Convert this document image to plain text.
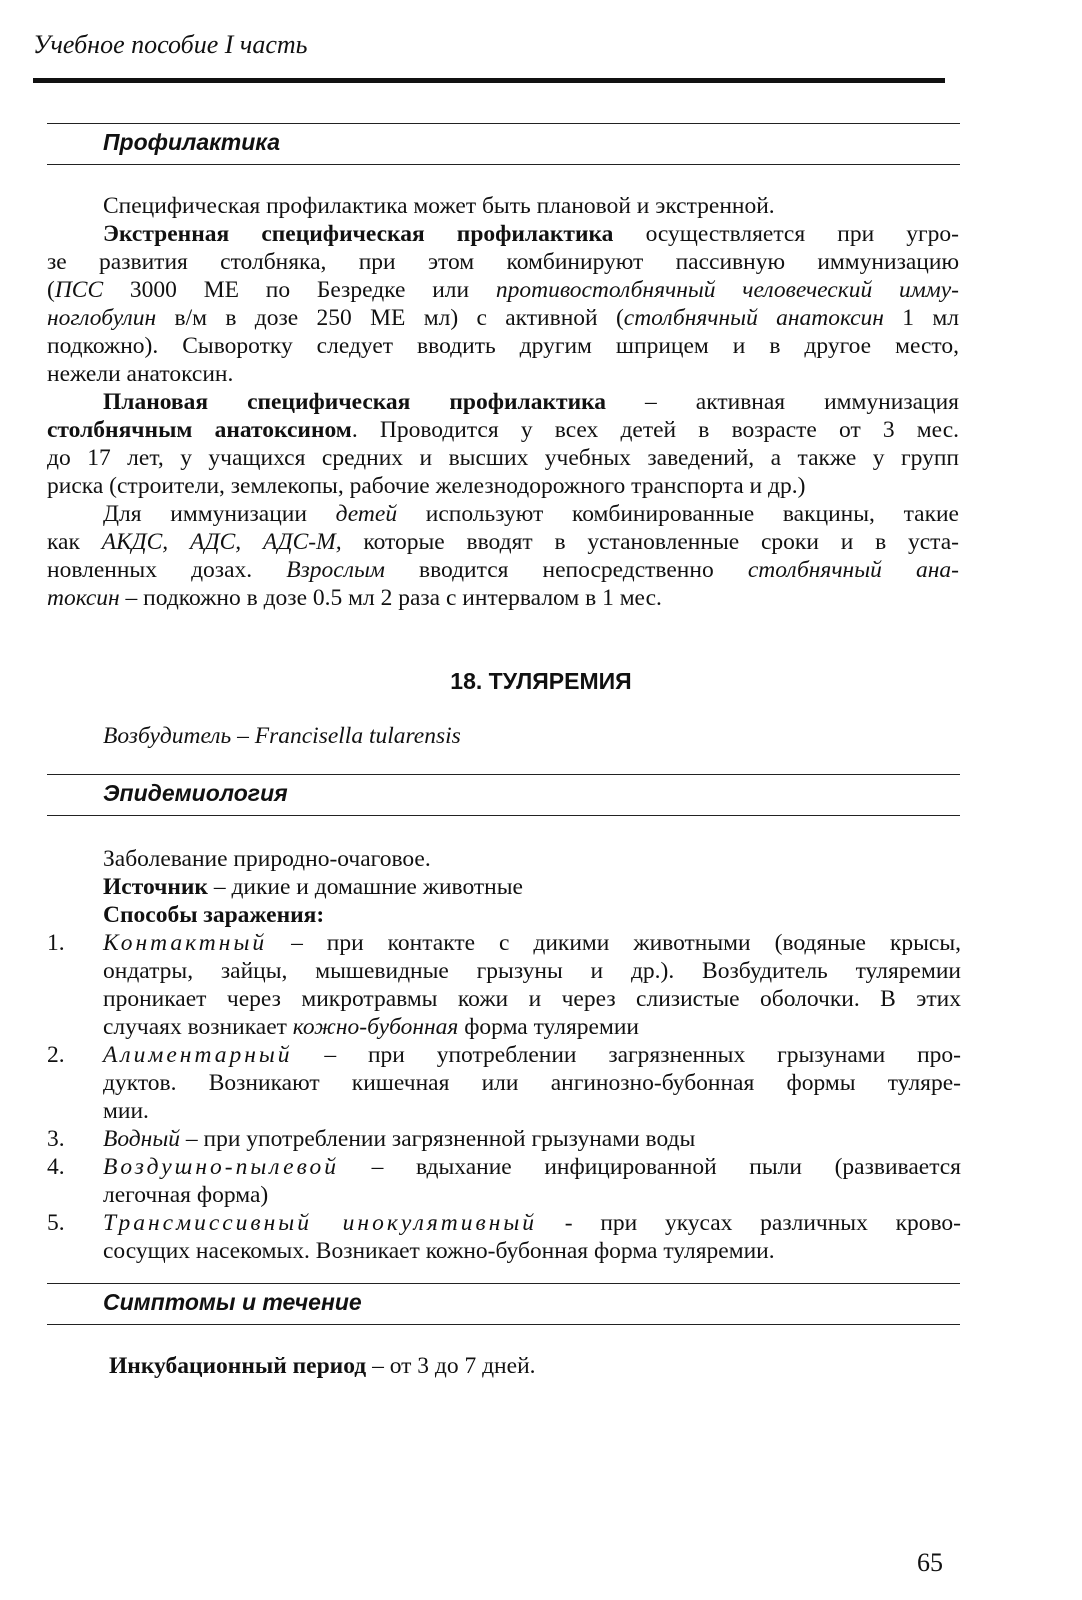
Учебное пособие I часть
Профилактика
Специфическая профилактика может быть плановой и экстренной.
Экстренная специфическая профилактика осуществляется при угро-
зе развития столбняка, при этом комбинируют пассивную иммунизацию
(ПСС 3000 МЕ по Безредке или противостолбнячный человеческий имму-
ноглобулин в/м в дозе 250 МЕ мл) с активной (столбнячный анатоксин 1 мл
подкожно). Сыворотку следует вводить другим шприцем и в другое место,
нежели анатоксин.
Плановая специфическая профилактика – активная иммунизация
столбнячным анатоксином. Проводится у всех детей в возрасте от 3 мес.
до 17 лет, у учащихся средних и высших учебных заведений, а также у групп
риска (строители, землекопы, рабочие железнодорожного транспорта и др.)
Для иммунизации детей используют комбинированные вакцины, такие
как АКДС, АДС, АДС-М, которые вводят в установленные сроки и в уста-
новленных дозах. Взрослым вводится непосредственно столбнячный ана-
токсин – подкожно в дозе 0.5 мл 2 раза с интервалом в 1 мес.
18. ТУЛЯРЕМИЯ
Возбудитель – Francisella tularensis
Эпидемиология
Заболевание природно-очаговое.
Источник – дикие и домашние животные
Способы заражения:
1. Контактный – при контакте с дикими животными (водяные крысы,
ондатры, зайцы, мышевидные грызуны и др.). Возбудитель туляремии
проникает через микротравмы кожи и через слизистые оболочки. В этих
случаях возникает кожно-бубонная форма туляремии
2. Алиментарный – при употреблении загрязненных грызунами про-
дуктов. Возникают кишечная или ангинозно-бубонная формы туляре-
мии.
3. Водный – при употреблении загрязненной грызунами воды
4. Воздушно-пылевой – вдыхание инфицированной пыли (развивается
легочная форма)
5. Трансмиссивный инокулятивный - при укусах различных крово-
сосущих насекомых. Возникает кожно-бубонная форма туляремии.
Симптомы и течение
Инкубационный период – от 3 до 7 дней.
65
